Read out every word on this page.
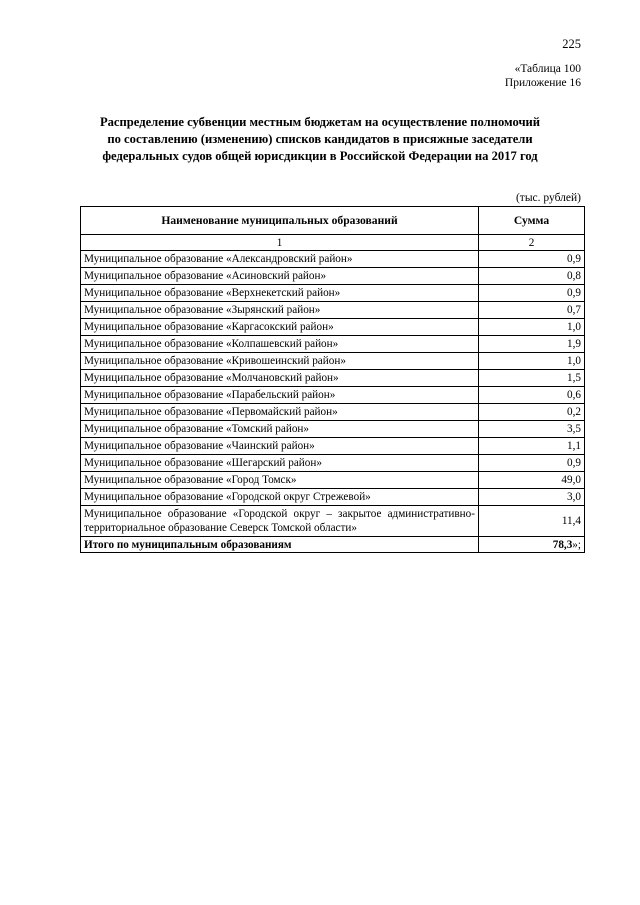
225
«Таблица 100
Приложение 16
Распределение субвенции местным бюджетам на осуществление полномочий
по составлению (изменению) списков кандидатов в присяжные заседатели
федеральных судов общей юрисдикции в Российской Федерации на 2017 год
(тыс. рублей)
Наименование муниципальных образований	Сумма
1	2
Муниципальное образование «Александровский район»	0,9
Муниципальное образование «Асиновский район»	0,8
Муниципальное образование «Верхнекетский район»	0,9
Муниципальное образование «Зырянский район»	0,7
Муниципальное образование «Каргасокский район»	1,0
Муниципальное образование «Колпашевский район»	1,9
Муниципальное образование «Кривошеинский район»	1,0
Муниципальное образование «Молчановский район»	1,5
Муниципальное образование «Парабельский район»	0,6
Муниципальное образование «Первомайский район»	0,2
Муниципальное образование «Томский район»	3,5
Муниципальное образование «Чаинский район»	1,1
Муниципальное образование «Шегарский район»	0,9
Муниципальное образование «Город Томск»	49,0
Муниципальное образование «Городской округ Стрежевой»	3,0
Муниципальное образование «Городской округ – закрытое административно-территориальное образование Северск Томской области»	11,4
Итого по муниципальным образованиям	78,3»;
